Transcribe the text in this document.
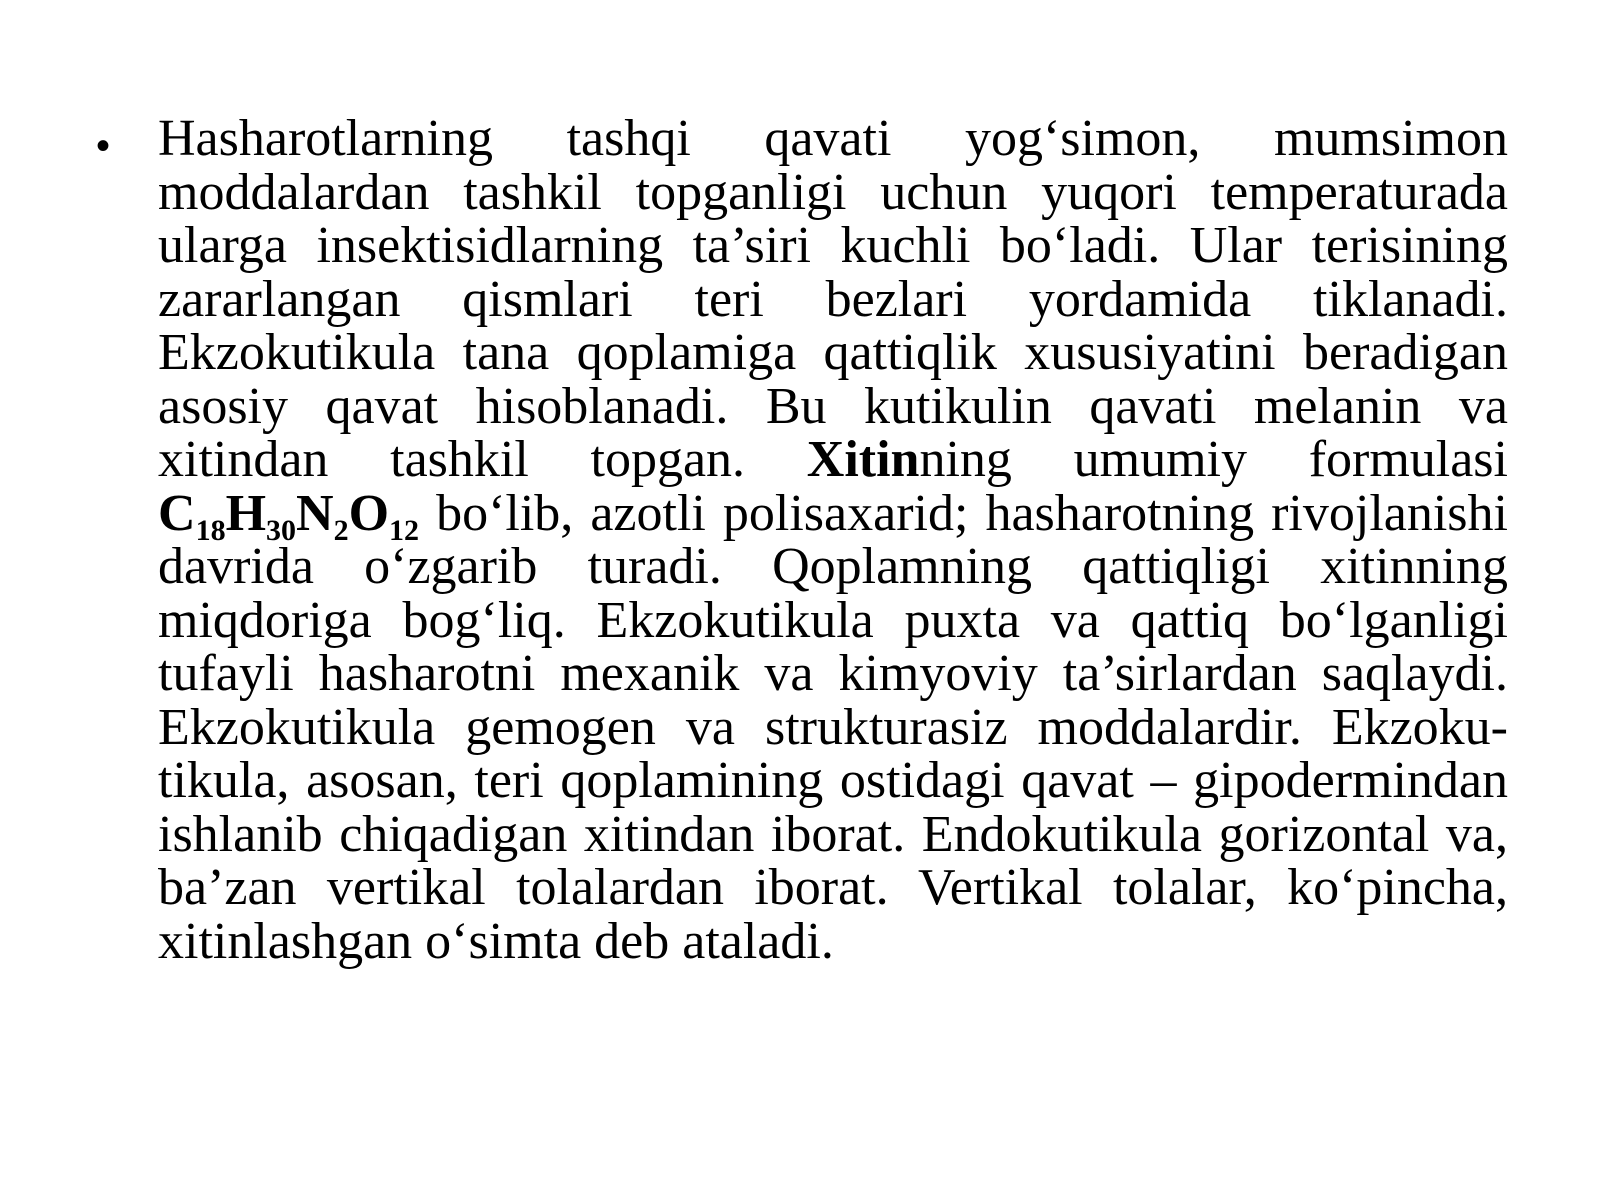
• Hasharotlarning tashqi qavati yog‘simon, mumsimon moddalardan tashkil topganligi uchun yuqori temperaturada ularga insektisidlarning ta’siri kuchli bo‘ladi. Ular terisining zararlangan qismlari teri bezlari yordamida tiklanadi. Ekzokutikula tana qoplamiga qattiqlik xususiyatini beradigan asosiy qavat hisoblanadi. Bu kutikulin qavati melanin va xitindan tashkil topgan. Xitinning umumiy formulasi $C_{18}H_{30}N_2O_{12}$ bo‘lib, azotli polisaxarid; hasharotning rivojlanishi davrida o‘zgarib turadi. Qoplamning qattiqligi xitinning miqdoriga bog‘liq. Ekzokutikula puxta va qattiq bo‘lganligi tufayli hasharotni mexanik va kimyoviy ta’sirlardan saqlaydi. Ekzokutikula gemogen va strukturasiz moddalardir. Ekzoku- tikula, asosan, teri qoplamining ostidagi qavat – gipodermindan ishlanib chiqadigan xitindan iborat. Endokutikula gorizontal va, ba’zan vertikal tolalardan iborat. Vertikal tolalar, ko‘pincha, xitinlashgan o‘simta deb ataladi.
